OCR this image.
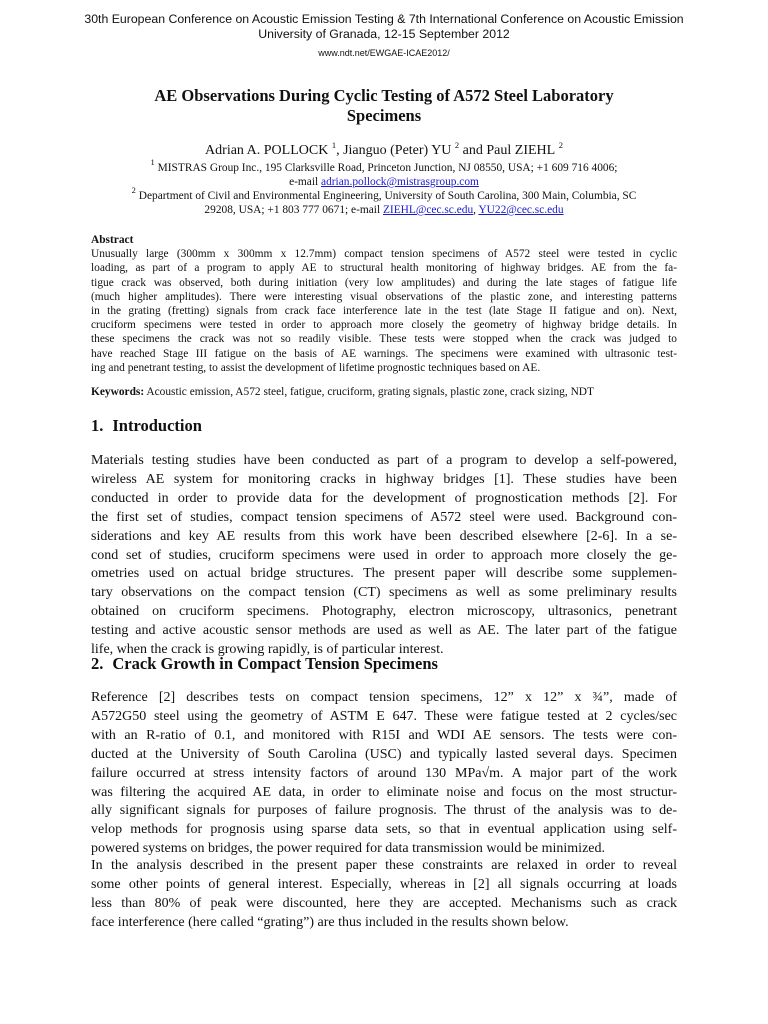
30th European Conference on Acoustic Emission Testing & 7th International Conference on Acoustic Emission
University of Granada, 12-15 September 2012
www.ndt.net/EWGAE-ICAE2012/
AE Observations During Cyclic Testing of A572 Steel Laboratory
Specimens
Adrian A. POLLOCK $^1$, Jianguo (Peter) YU $^2$ and Paul ZIEHL $^2$
$^1$ MISTRAS Group Inc., 195 Clarksville Road, Princeton Junction, NJ 08550, USA; +1 609 716 4006;
e-mail adrian.pollock@mistrasgroup.com
$^2$ Department of Civil and Environmental Engineering, University of South Carolina, 300 Main, Columbia, SC
29208, USA; +1 803 777 0671; e-mail ZIEHL@cec.sc.edu, YU22@cec.sc.edu
Abstract
Unusually large (300mm x 300mm x 12.7mm) compact tension specimens of A572 steel were tested in cyclic
loading, as part of a program to apply AE to structural health monitoring of highway bridges. AE from the fa-
tigue crack was observed, both during initiation (very low amplitudes) and during the late stages of fatigue life
(much higher amplitudes). There were interesting visual observations of the plastic zone, and interesting patterns
in the grating (fretting) signals from crack face interference late in the test (late Stage II fatigue and on). Next,
cruciform specimens were tested in order to approach more closely the geometry of highway bridge details. In
these specimens the crack was not so readily visible. These tests were stopped when the crack was judged to
have reached Stage III fatigue on the basis of AE warnings. The specimens were examined with ultrasonic test-
ing and penetrant testing, to assist the development of lifetime prognostic techniques based on AE.
Keywords: Acoustic emission, A572 steel, fatigue, cruciform, grating signals, plastic zone, crack sizing, NDT
1. Introduction
Materials testing studies have been conducted as part of a program to develop a self-powered,
wireless AE system for monitoring cracks in highway bridges [1]. These studies have been
conducted in order to provide data for the development of prognostication methods [2]. For
the first set of studies, compact tension specimens of A572 steel were used. Background con-
siderations and key AE results from this work have been described elsewhere [2-6]. In a se-
cond set of studies, cruciform specimens were used in order to approach more closely the ge-
ometries used on actual bridge structures. The present paper will describe some supplemen-
tary observations on the compact tension (CT) specimens as well as some preliminary results
obtained on cruciform specimens. Photography, electron microscopy, ultrasonics, penetrant
testing and active acoustic sensor methods are used as well as AE. The later part of the fatigue
life, when the crack is growing rapidly, is of particular interest.
2. Crack Growth in Compact Tension Specimens
Reference [2] describes tests on compact tension specimens, 12” x 12” x ¾”, made of
A572G50 steel using the geometry of ASTM E 647. These were fatigue tested at 2 cycles/sec
with an R-ratio of 0.1, and monitored with R15I and WDI AE sensors. The tests were con-
ducted at the University of South Carolina (USC) and typically lasted several days. Specimen
failure occurred at stress intensity factors of around 130 MPa√m. A major part of the work
was filtering the acquired AE data, in order to eliminate noise and focus on the most structur-
ally significant signals for purposes of failure prognosis. The thrust of the analysis was to de-
velop methods for prognosis using sparse data sets, so that in eventual application using self-
powered systems on bridges, the power required for data transmission would be minimized.
In the analysis described in the present paper these constraints are relaxed in order to reveal
some other points of general interest. Especially, whereas in [2] all signals occurring at loads
less than 80% of peak were discounted, here they are accepted. Mechanisms such as crack
face interference (here called “grating”) are thus included in the results shown below.
